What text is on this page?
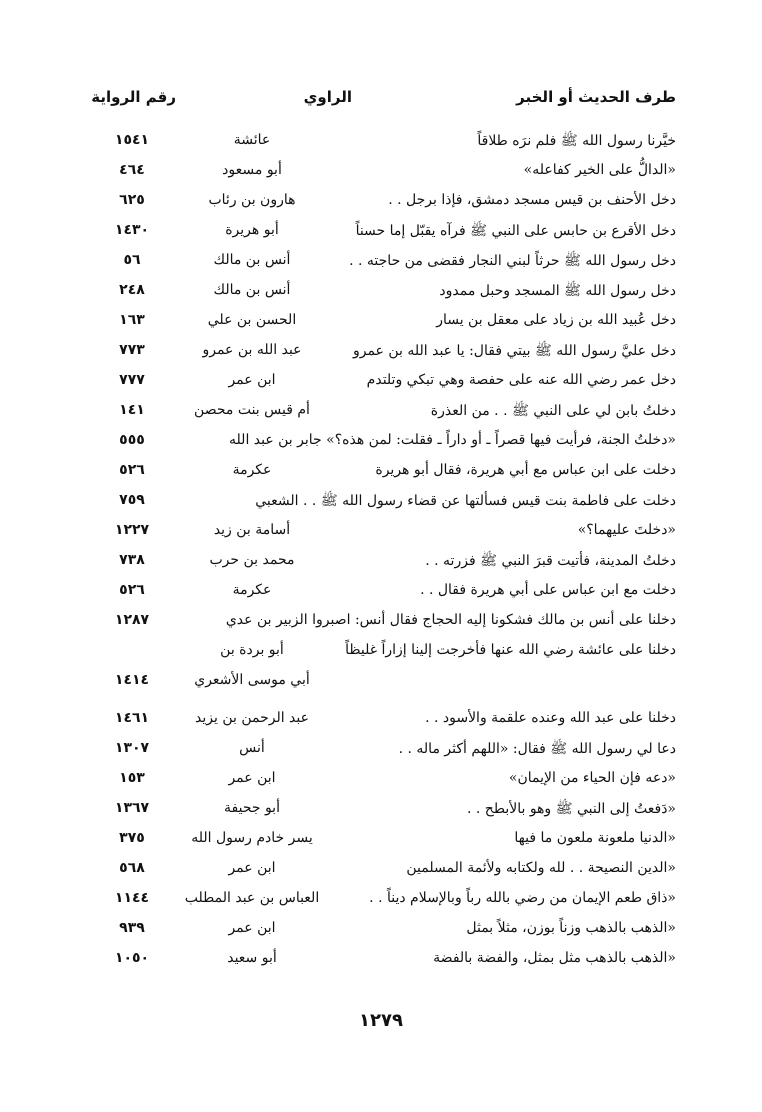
طرف الحديث أو الخبر
الراوي
رقم الرواية
خيَّرنا رسول الله ﷺ فلم نرَه طلاقاً
عائشة
١٥٤١
«الدالُّ على الخير كفاعله»
أبو مسعود
٤٦٤
دخل الأحنف بن قيس مسجد دمشق، فإذا برجل . .
هارون بن رئاب
٦٢٥
دخل الأقرع بن حابس على النبي ﷺ فرآه يقبّل إما حسناً
أبو هريرة
١٤٣٠
دخل رسول الله ﷺ حرثاً لبني النجار فقضى من حاجته . .
أنس بن مالك
٥٦
دخل رسول الله ﷺ المسجد وحبل ممدود
أنس بن مالك
٢٤٨
دخل عُبيد الله بن زياد على معقل بن يسار
الحسن بن علي
١٦٣
دخل عليَّ رسول الله ﷺ بيتي فقال: يا عبد الله بن عمرو
عبد الله بن عمرو
٧٧٣
دخل عمر رضي الله عنه على حفصة وهي تبكي وتلتدم
ابن عمر
٧٧٧
دخلتُ بابن لي على النبي ﷺ . . من العذرة
أم قيس بنت محصن
١٤١
«دخلتُ الجنة، فرأيت فيها قصراً ـ أو داراً ـ فقلت: لمن هذه؟» جابر بن عبد الله
٥٥٥
دخلت على ابن عباس مع أبي هريرة، فقال أبو هريرة
عكرمة
٥٢٦
دخلت على فاطمة بنت قيس فسألتها عن قضاء رسول الله ﷺ . . الشعبي
٧٥٩
«دخلتَ عليهما؟»
أسامة بن زيد
١٢٢٧
دخلتُ المدينة، فأتيت قبرَ النبي ﷺ فزرته . .
محمد بن حرب
٧٣٨
دخلت مع ابن عباس على أبي هريرة فقال . .
عكرمة
٥٢٦
دخلنا على أنس بن مالك فشكونا إليه الحجاج فقال أنس: اصبروا الزبير بن عدي
١٢٨٧
دخلنا على عائشة رضي الله عنها فأخرجت إلينا إزاراً غليظاً
أبو بردة بن
أبي موسى الأشعري
١٤١٤
دخلنا على عبد الله وعنده علقمة والأسود . .
عبد الرحمن بن يزيد
١٤٦١
دعا لي رسول الله ﷺ فقال: «اللهم أكثر ماله . .
أنس
١٣٠٧
«دعه فإن الحياء من الإيمان»
ابن عمر
١٥٣
«دَفعتُ إلى النبي ﷺ وهو بالأبطح . .
أبو جحيفة
١٣٦٧
«الدنيا ملعونة ملعون ما فيها
يسر خادم رسول الله
٣٧٥
«الدين النصيحة . . لله ولكتابه ولأئمة المسلمين
ابن عمر
٥٦٨
«ذاق طعم الإيمان من رضي بالله رباً وبالإسلام ديناً . .
العباس بن عبد المطلب
١١٤٤
«الذهب بالذهب وزناً بوزن، مثلاً بمثل
ابن عمر
٩٣٩
«الذهب بالذهب مثل بمثل، والفضة بالفضة
أبو سعيد
١٠٥٠
١٢٧٩
